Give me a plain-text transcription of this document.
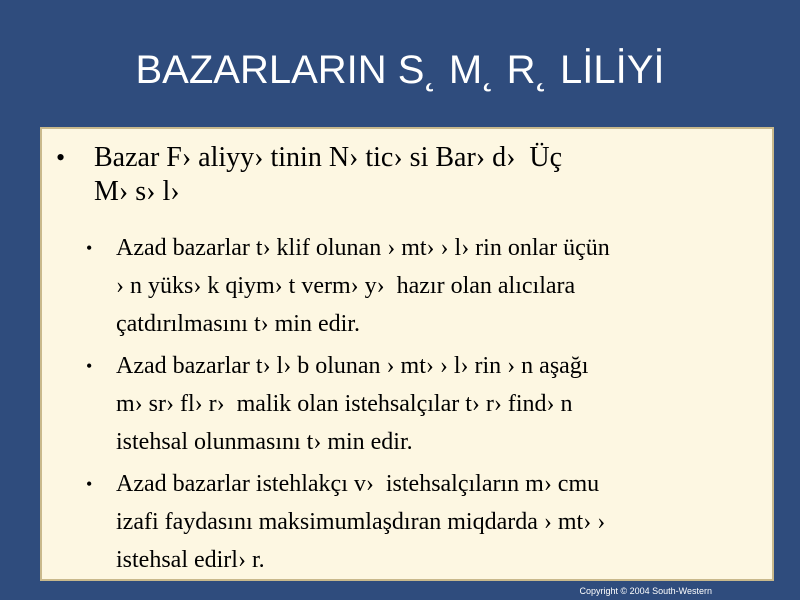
BAZARLARIN S˛ M˛ R˛ LİLİYİ
• Bazar F› aliyy› tinin N› tic› si Bar› d›  Üç
M› s› l›
• Azad bazarlar t› klif olunan › mt› › l› rin onlar üçün
› n yüks› k qiym› t verm› y›  hazır olan alıcılara
çatdırılmasını t› min edir.
• Azad bazarlar t› l› b olunan › mt› › l› rin › n aşağı
m› sr› fl› r›  malik olan istehsalçılar t› r› find› n
istehsal olunmasını t› min edir.
• Azad bazarlar istehlakçı v›  istehsalçıların m› cmu
izafi faydasını maksimumlaşdıran miqdarda › mt› ›
istehsal edirl› r.
Copyright © 2004 South-Western
